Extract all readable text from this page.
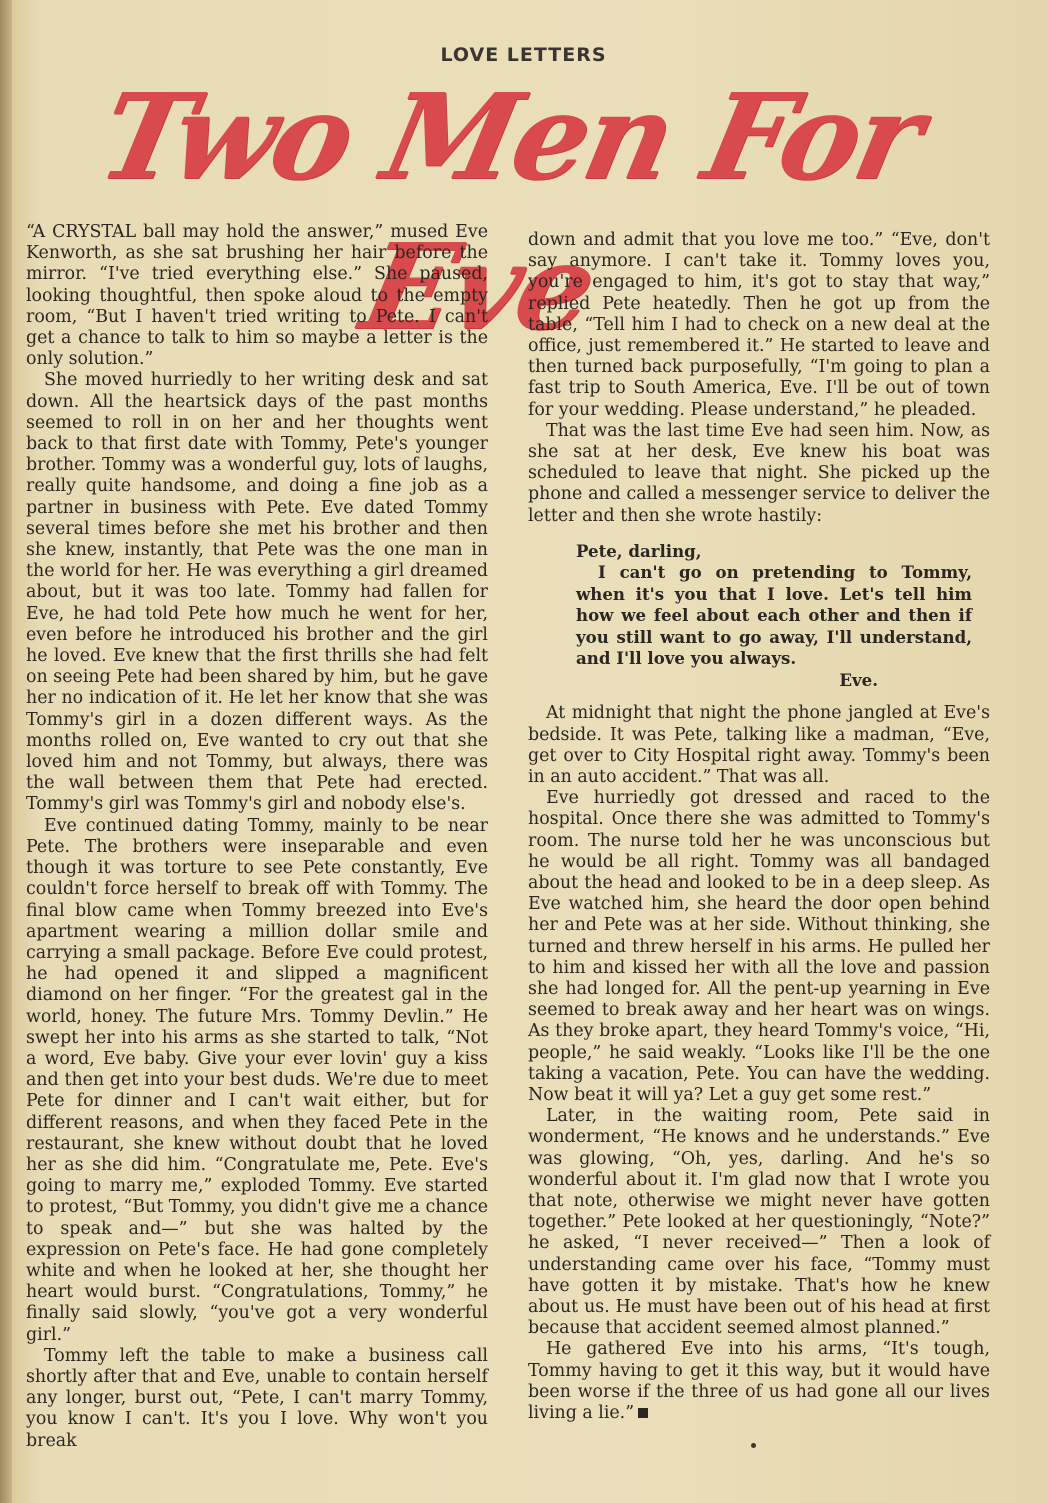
LOVE LETTERS
Two Men For Eve

“A CRYSTAL ball may hold the answer,” mused Eve Kenworth, as she sat brushing her hair before the mirror. “I've tried everything else.” She paused, looking thoughtful, then spoke aloud to the empty room, “But I haven't tried writing to Pete. I can't get a chance to talk to him so maybe a letter is the only solution.”

She moved hurriedly to her writing desk and sat down. All the heartsick days of the past months seemed to roll in on her and her thoughts went back to that first date with Tommy, Pete's younger brother. Tommy was a wonderful guy, lots of laughs, really quite handsome, and doing a fine job as a partner in business with Pete. Eve dated Tommy several times before she met his brother and then she knew, instantly, that Pete was the one man in the world for her. He was everything a girl dreamed about, but it was too late. Tommy had fallen for Eve, he had told Pete how much he went for her, even before he introduced his brother and the girl he loved. Eve knew that the first thrills she had felt on seeing Pete had been shared by him, but he gave her no indication of it. He let her know that she was Tommy's girl in a dozen different ways. As the months rolled on, Eve wanted to cry out that she loved him and not Tommy, but always, there was the wall between them that Pete had erected. Tommy's girl was Tommy's girl and nobody else's.

Eve continued dating Tommy, mainly to be near Pete. The brothers were inseparable and even though it was torture to see Pete constantly, Eve couldn't force herself to break off with Tommy. The final blow came when Tommy breezed into Eve's apartment wearing a million dollar smile and carrying a small package. Before Eve could protest, he had opened it and slipped a magnificent diamond on her finger. “For the greatest gal in the world, honey. The future Mrs. Tommy Devlin.” He swept her into his arms as she started to talk, “Not a word, Eve baby. Give your ever lovin' guy a kiss and then get into your best duds. We're due to meet Pete for dinner and I can't wait either, but for different reasons, and when they faced Pete in the restaurant, she knew without doubt that he loved her as she did him. “Congratulate me, Pete. Eve's going to marry me,” exploded Tommy. Eve started to protest, “But Tommy, you didn't give me a chance to speak and—” but she was halted by the expression on Pete's face. He had gone completely white and when he looked at her, she thought her heart would burst. “Congratulations, Tommy,” he finally said slowly, “you've got a very wonderful girl.”

Tommy left the table to make a business call shortly after that and Eve, unable to contain herself any longer, burst out, “Pete, I can't marry Tommy, you know I can't. It's you I love. Why won't you break

down and admit that you love me too.” “Eve, don't say anymore. I can't take it. Tommy loves you, you're engaged to him, it's got to stay that way,” replied Pete heatedly. Then he got up from the table, “Tell him I had to check on a new deal at the office, just remembered it.” He started to leave and then turned back purposefully, “I'm going to plan a fast trip to South America, Eve. I'll be out of town for your wedding. Please understand,” he pleaded.

That was the last time Eve had seen him. Now, as she sat at her desk, Eve knew his boat was scheduled to leave that night. She picked up the phone and called a messenger service to deliver the letter and then she wrote hastily:

Pete, darling,
I can't go on pretending to Tommy, when it's you that I love. Let's tell him how we feel about each other and then if you still want to go away, I'll understand, and I'll love you always.
Eve.

At midnight that night the phone jangled at Eve's bedside. It was Pete, talking like a madman, “Eve, get over to City Hospital right away. Tommy's been in an auto accident.” That was all.

Eve hurriedly got dressed and raced to the hospital. Once there she was admitted to Tommy's room. The nurse told her he was unconscious but he would be all right. Tommy was all bandaged about the head and looked to be in a deep sleep. As Eve watched him, she heard the door open behind her and Pete was at her side. Without thinking, she turned and threw herself in his arms. He pulled her to him and kissed her with all the love and passion she had longed for. All the pent-up yearning in Eve seemed to break away and her heart was on wings. As they broke apart, they heard Tommy's voice, “Hi, people,” he said weakly. “Looks like I'll be the one taking a vacation, Pete. You can have the wedding. Now beat it will ya? Let a guy get some rest.”

Later, in the waiting room, Pete said in wonderment, “He knows and he understands.” Eve was glowing, “Oh, yes, darling. And he's so wonderful about it. I'm glad now that I wrote you that note, otherwise we might never have gotten together.” Pete looked at her questioningly, “Note?” he asked, “I never received—” Then a look of understanding came over his face, “Tommy must have gotten it by mistake. That's how he knew about us. He must have been out of his head at first because that accident seemed almost planned.”

He gathered Eve into his arms, “It's tough, Tommy having to get it this way, but it would have been worse if the three of us had gone all our lives living a lie.”
